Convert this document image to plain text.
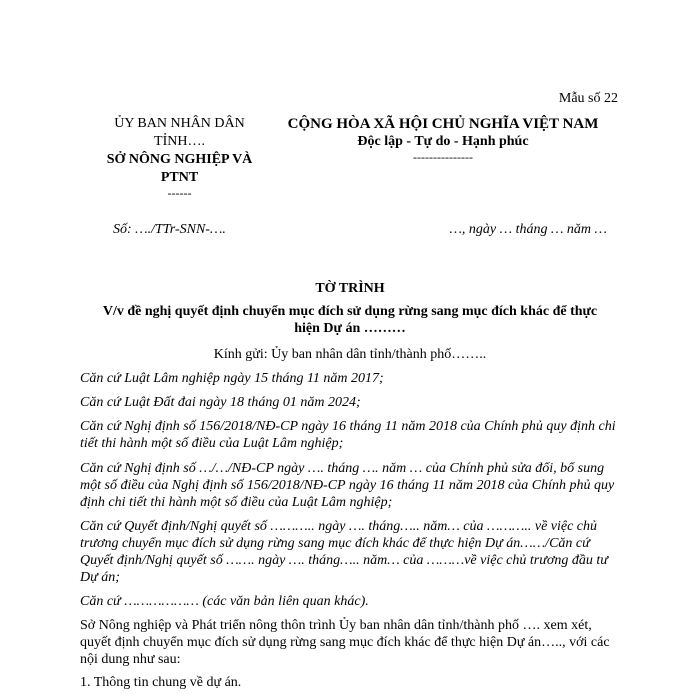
Mẫu số 22
ỦY BAN NHÂN DÂN
TỈNH….
SỞ NÔNG NGHIỆP VÀ
PTNT
------
CỘNG HÒA XÃ HỘI CHỦ NGHĨA VIỆT NAM
Độc lập - Tự do - Hạnh phúc
---------------
Số: …./TTr-SNN-….	…, ngày … tháng … năm …
TỜ TRÌNH
V/v đề nghị quyết định chuyển mục đích sử dụng rừng sang mục đích khác để thực
hiện Dự án ………
Kính gửi: Ủy ban nhân dân tỉnh/thành phố……..
Căn cứ Luật Lâm nghiệp ngày 15 tháng 11 năm 2017;
Căn cứ Luật Đất đai ngày 18 tháng 01 năm 2024;
Căn cứ Nghị định số 156/2018/NĐ-CP ngày 16 tháng 11 năm 2018 của Chính phủ quy định chi tiết thi hành một số điều của Luật Lâm nghiệp;
Căn cứ Nghị định số …/…/NĐ-CP ngày …. tháng …. năm … của Chính phủ sửa đổi, bổ sung một số điều của Nghị định số 156/2018/NĐ-CP ngày 16 tháng 11 năm 2018 của Chính phủ quy định chi tiết thi hành một số điều của Luật Lâm nghiệp;
Căn cứ Quyết định/Nghị quyết số ……….. ngày …. tháng….. năm… của ……….. về việc chủ trương chuyển mục đích sử dụng rừng sang mục đích khác để thực hiện Dự án……/Căn cứ Quyết định/Nghị quyết số ……. ngày …. tháng….. năm… của ………về việc chủ trương đầu tư Dự án;
Căn cứ ……………… (các văn bản liên quan khác).
Sở Nông nghiệp và Phát triển nông thôn trình Ủy ban nhân dân tỉnh/thành phố …. xem xét, quyết định chuyển mục đích sử dụng rừng sang mục đích khác để thực hiện Dự án….., với các nội dung như sau:
1. Thông tin chung về dự án.
